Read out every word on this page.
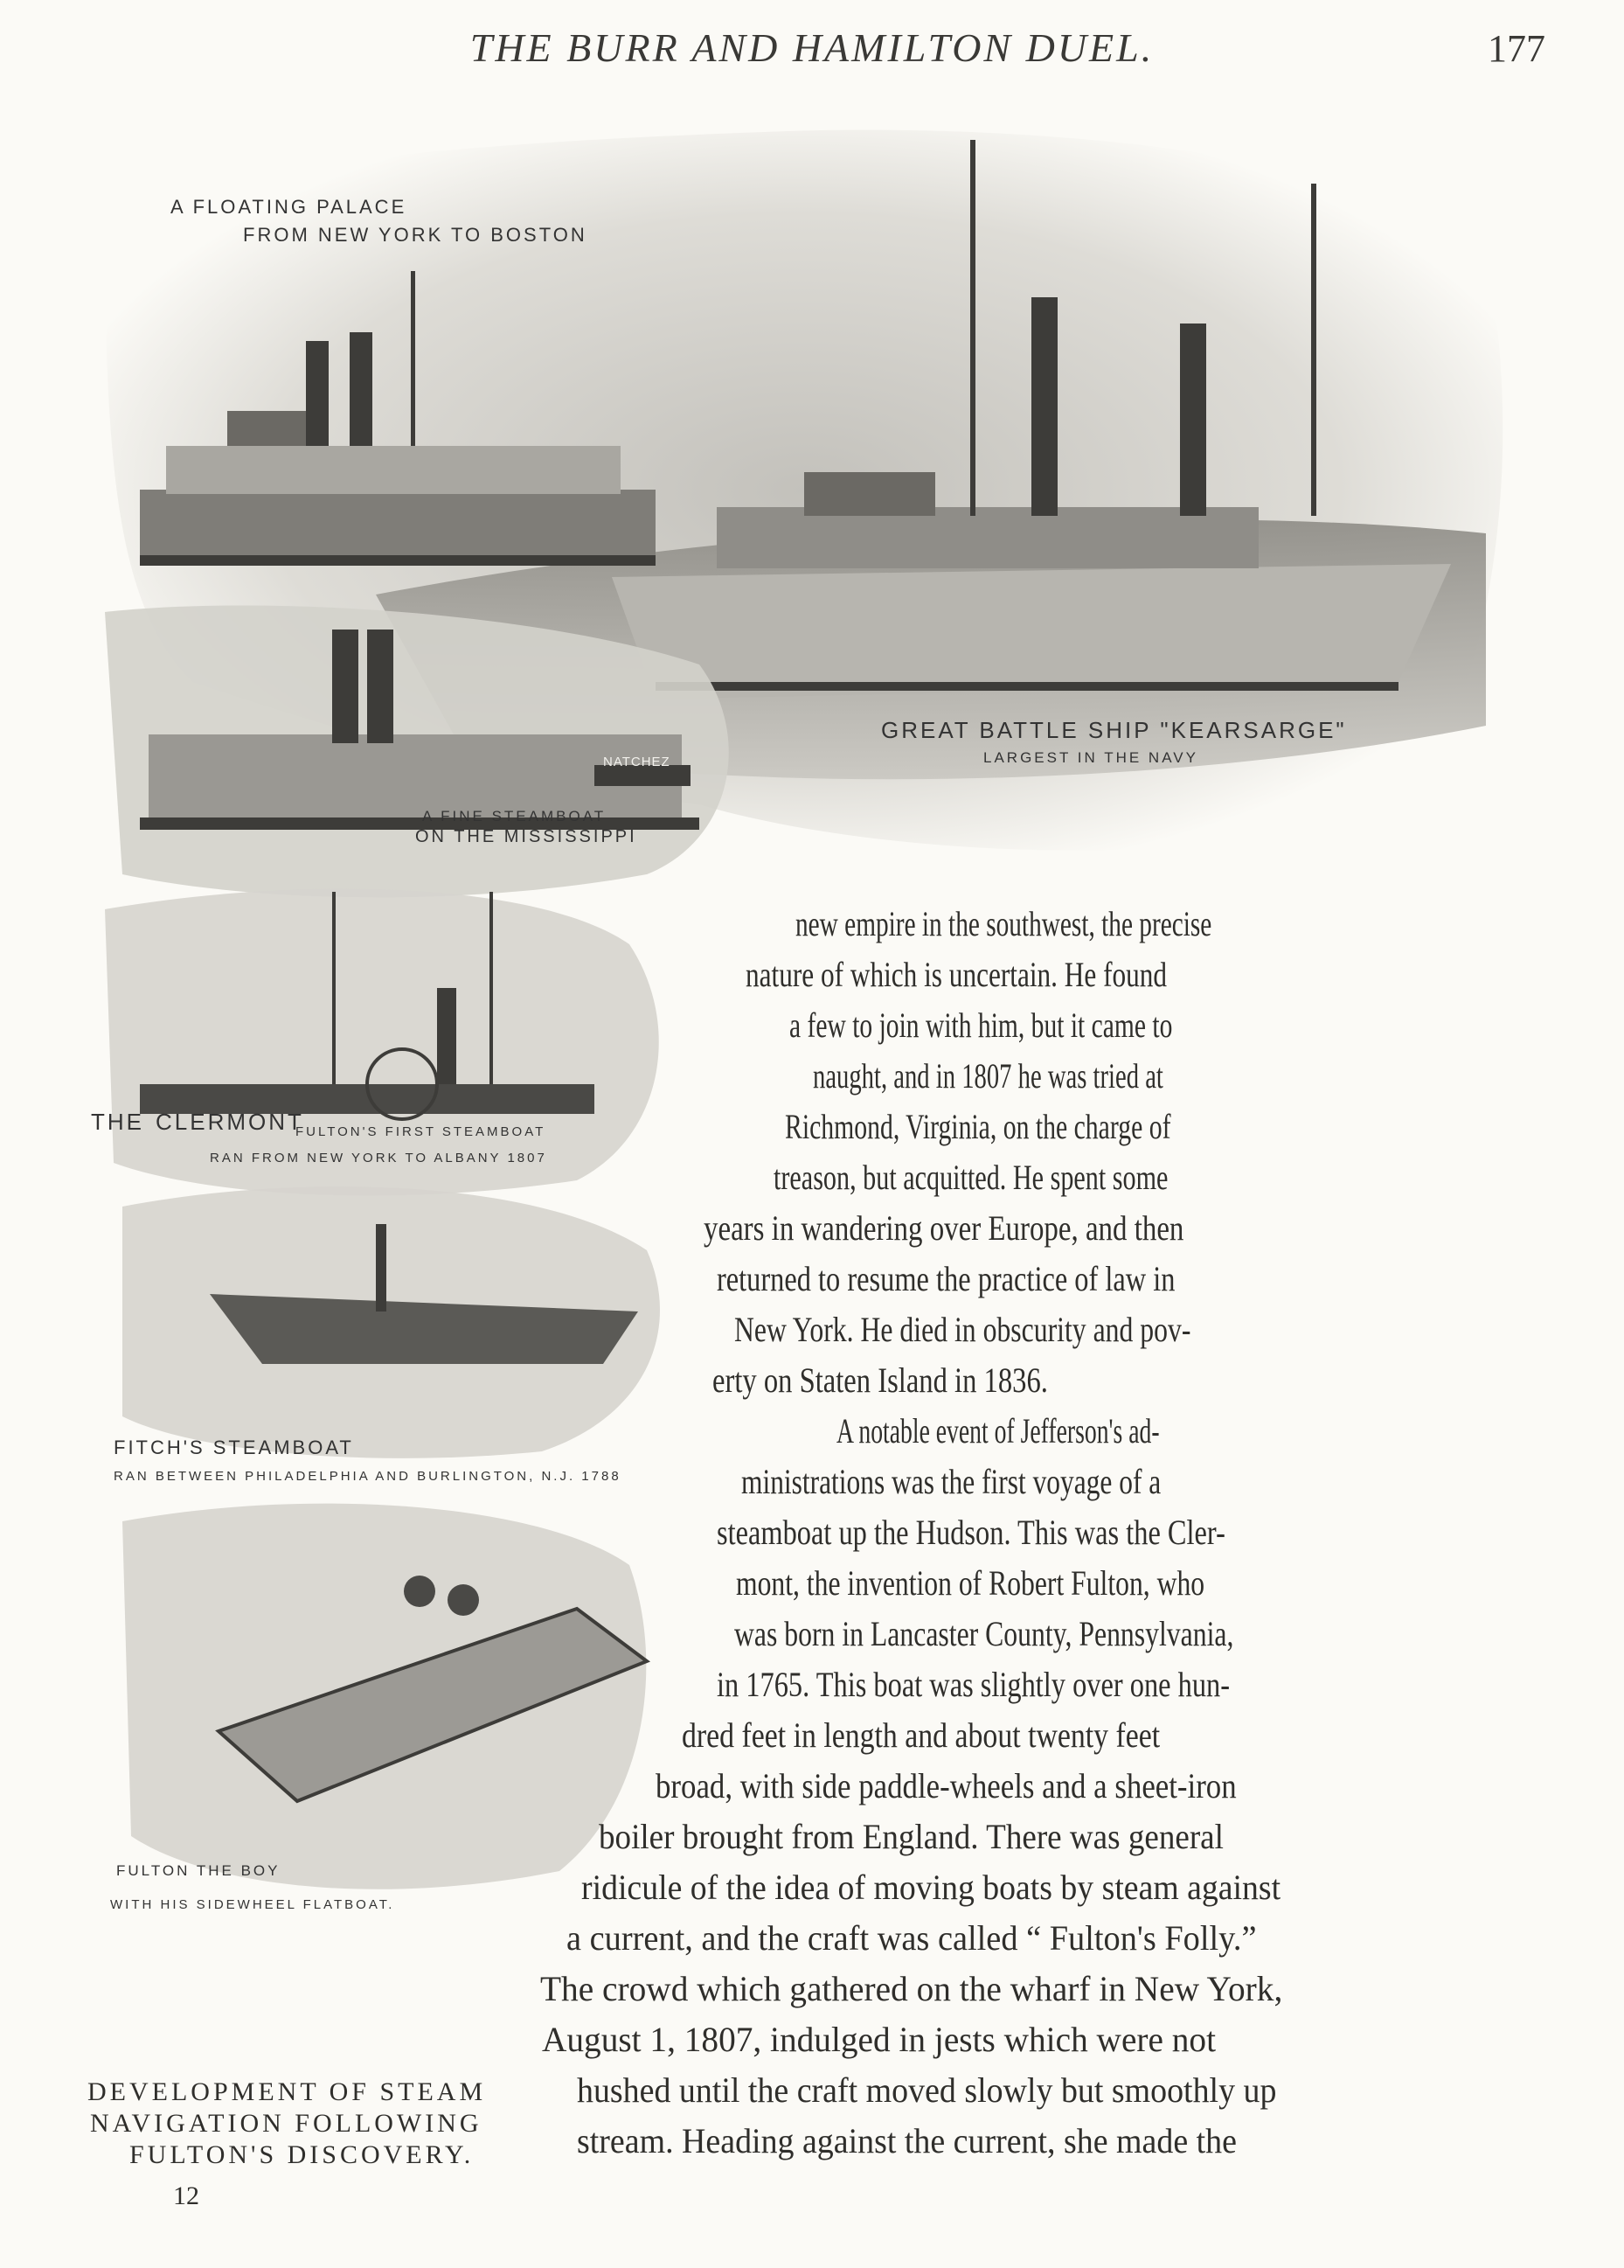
THE BURR AND HAMILTON DUEL.	177
A FLOATING PALACE
FROM NEW YORK TO BOSTON
GREAT BATTLE SHIP "KEARSARGE"
LARGEST IN THE NAVY
NATCHEZ
A FINE STEAMBOAT
ON THE MISSISSIPPI
THE CLERMONT
FULTON'S FIRST STEAMBOAT
RAN FROM NEW YORK TO ALBANY 1807
FITCH'S STEAMBOAT
RAN BETWEEN PHILADELPHIA AND BURLINGTON, N.J. 1788
FULTON THE BOY
WITH HIS SIDEWHEEL FLATBOAT.
DEVELOPMENT OF STEAM
NAVIGATION FOLLOWING
FULTON'S DISCOVERY.
new empire in the southwest, the precise
nature of which is uncertain. He found
a few to join with him, but it came to
naught, and in 1807 he was tried at
Richmond, Virginia, on the charge of
treason, but acquitted. He spent some
years in wandering over Europe, and then
returned to resume the practice of law in
New York. He died in obscurity and pov-
erty on Staten Island in 1836.
A notable event of Jefferson's ad-
ministrations was the first voyage of a
steamboat up the Hudson. This was the Cler-
mont, the invention of Robert Fulton, who
was born in Lancaster County, Pennsylvania,
in 1765. This boat was slightly over one hun-
dred feet in length and about twenty feet
broad, with side paddle-wheels and a sheet-iron
boiler brought from England. There was general
ridicule of the idea of moving boats by steam against
a current, and the craft was called “ Fulton's Folly.”
The crowd which gathered on the wharf in New York,
August 1, 1807, indulged in jests which were not
hushed until the craft moved slowly but smoothly up
stream. Heading against the current, she made the
12
